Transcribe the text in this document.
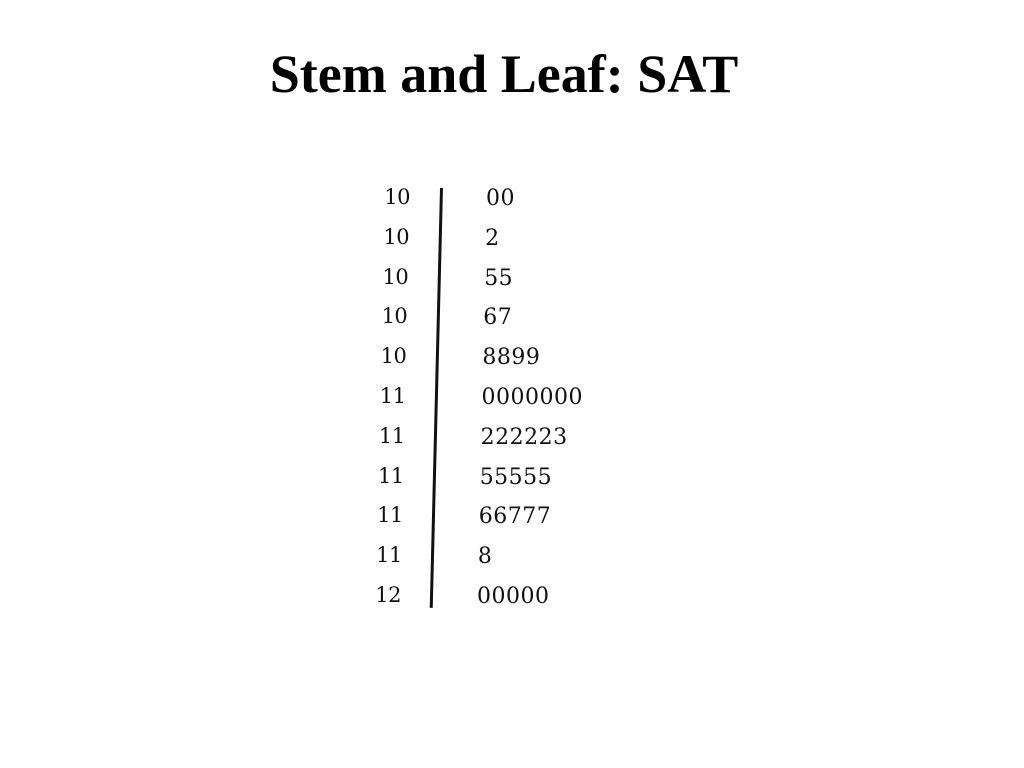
Stem and Leaf: SAT
10	00
10	2
10	55
10	67
10	8899
11	0000000
11	222223
11	55555
11	66777
11	8
12	00000
